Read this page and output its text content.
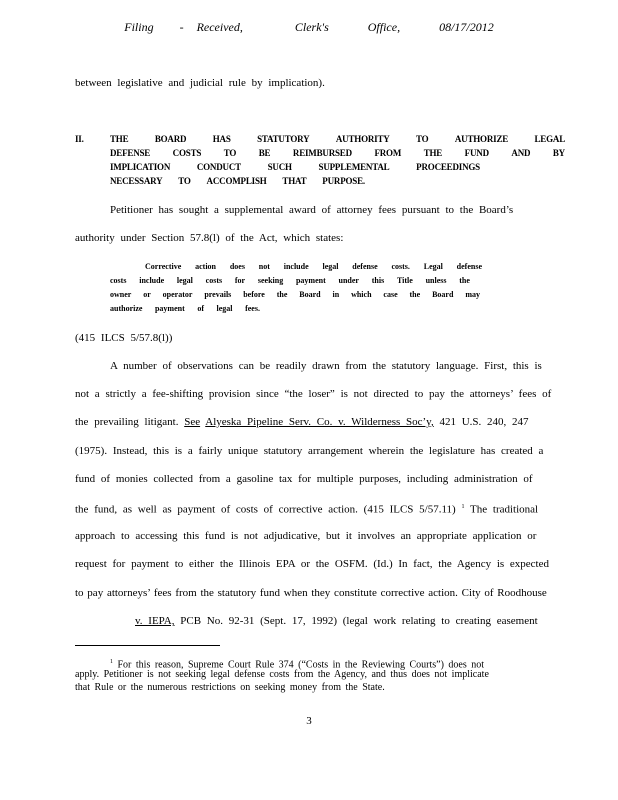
Filing  - Received,    Clerk's   Office,   08/17/2012
between legislative and judicial rule by implication).
II.	THE	BOARD	HAS	STATUTORY	AUTHORITY	TO	AUTHORIZE	LEGAL
DEFENSE	COSTS	TO	BE	REIMBURSED	FROM	THE	FUND	AND	BY
IMPLICATION	CONDUCT	SUCH	SUPPLEMENTAL	PROCEEDINGS
NECESSARY TO ACCOMPLISH THAT PURPOSE.
Petitioner has sought a supplemental award of attorney fees pursuant to the Board’s
authority under Section 57.8(l) of the Act, which states:
Corrective action does not include legal defense costs. Legal defense
costs include legal costs for seeking payment under this Title unless the
owner or operator prevails before the Board in which case the Board may
authorize payment of legal fees.
(415 ILCS 5/57.8(l))
A number of observations can be readily drawn from the statutory language. First, this is
not a strictly a fee-shifting provision since “the loser” is not directed to pay the attorneys’ fees of
the prevailing litigant. See Alyeska Pipeline Serv. Co. v. Wilderness Soc’y, 421 U.S. 240, 247
(1975). Instead, this is a fairly unique statutory arrangement wherein the legislature has created a
fund of monies collected from a gasoline tax for multiple purposes, including administration of
the fund, as well as payment of costs of corrective action. (415 ILCS 5/57.11) $^1$ The traditional
approach to accessing this fund is not adjudicative, but it involves an appropriate application or
request for payment to either the Illinois EPA or the OSFM. (Id.) In fact, the Agency is expected
to pay attorneys’ fees from the statutory fund when they constitute corrective action. City of Roodhouse
v. IEPA, PCB No. 92-31 (Sept. 17, 1992) (legal work relating to creating easement
$^1$ For this reason, Supreme Court Rule 374 (“Costs in the Reviewing Courts”) does not
apply. Petitioner is not seeking legal defense costs from the Agency, and thus does not implicate
that Rule or the numerous restrictions on seeking money from the State.
3
